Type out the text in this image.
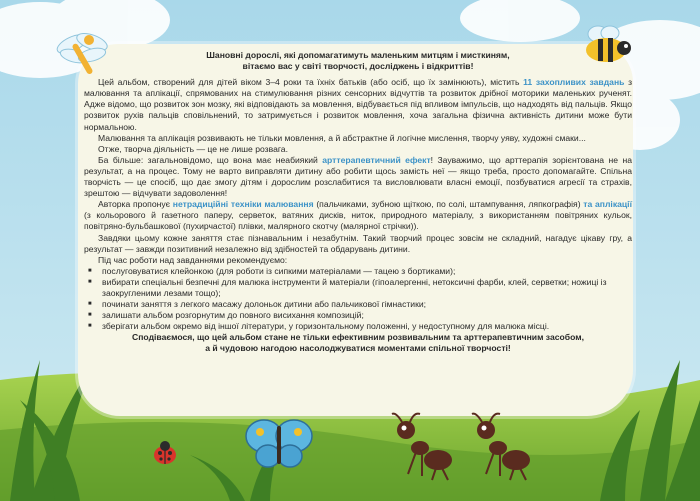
Шановні дорослі, які допомагатимуть маленьким митцям і мисткиням,

вітаємо вас у світі творчості, досліджень і відкриттів!

Цей альбом, створений для дітей віком 3–4 роки та їхніх батьків (або осіб, що їх замінюють), містить 11 захопливих завдань з малювання та аплікації, спрямованих на стимулювання різних сенсорних відчуттів та розвиток дрібної моторики маленьких рученят. Адже відомо, що розвиток зон мозку, які відповідають за мовлення, відбувається під впливом імпульсів, що надходять від пальців. Якщо розвиток рухів пальців сповільнений, то затримується і розвиток мовлення, хоча загальна фізична активність дитини може бути нормальною.

Малювання та аплікація розвивають не тільки мовлення, а й абстрактне й логічне мислення, творчу уяву, художні смаки...

Отже, творча діяльність — це не лише розвага.

Ба більше: загальновідомо, що вона має неабиякий арттерапевтичний ефект! Зауважимо, що арттерапія зорієнтована не на результат, а на процес. Тому не варто виправляти дитину або робити щось замість неї — якщо треба, просто допомагайте. Спільна творчість — це спосіб, що дає змогу дітям і дорослим розслабитися та висловлювати власні емоції, позбуватися агресії та страхів, зрештою — відчувати задоволення!

Авторка пропонує нетрадиційні техніки малювання (пальчиками, зубною щіткою, по солі, штампування, ляпкографія) та аплікації (з кольорового й газетного паперу, серветок, ватяних дисків, ниток, природного матеріалу, з використанням повітряних кульок, повітряно-бульбашкової (пухирчастої) плівки, малярного скотчу (малярної стрічки)).

Завдяки цьому кожне заняття стає пізнавальним і незабутнім. Такий творчий процес зовсім не складний, нагадує цікаву гру, а результат — завжди позитивний незалежно від здібностей та обдарувань дитини.

Під час роботи над завданнями рекомендуємо:

■ послуговуватися клейонкою (для роботи із сипкими матеріалами — тацею з бортиками);
■ вибирати спеціальні безпечні для малюка інструменти й матеріали (гіпоалергенні, нетоксичні фарби, клей, серветки; ножиці із заокругленими лезами тощо);
■ починати заняття з легкого масажу долоньок дитини або пальчикової гімнастики;
■ залишати альбом розгорнутим до повного висихання композицій;
■ зберігати альбом окремо від іншої літератури, у горизонтальному положенні, у недоступному для малюка місці.

Сподіваємося, що цей альбом стане не тільки ефективним розвивальним та арттерапевтичним засобом,

а й чудовою нагодою насолоджуватися моментами спільної творчості!
